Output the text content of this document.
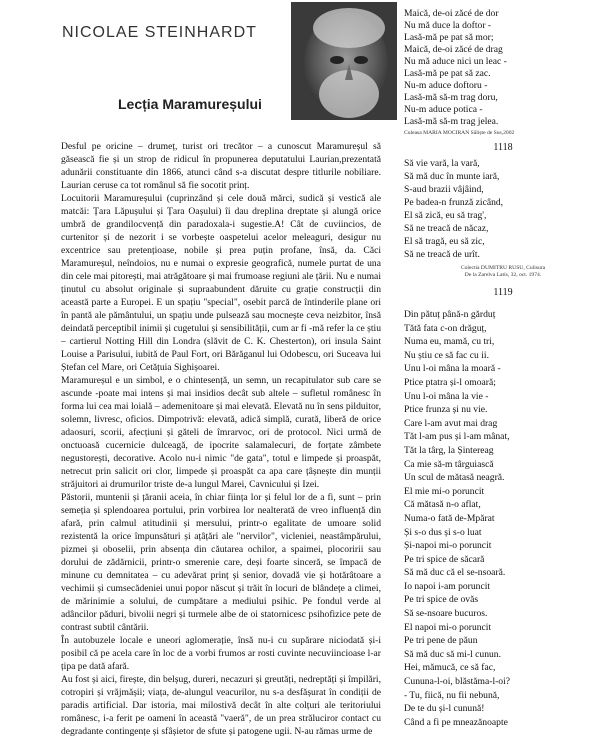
NICOLAE STEINHARDT
Lecția Maramureșului

Desful pe oricine – drumeț, turist ori trecător – a cunoscut Maramureșul să găsească fie și un strop de ridicul în propunerea deputatului Laurian,prezentată adunării constituante din 1866, atunci când s-a discutat despre titlurile nobiliare. Laurian ceruse ca tot românul să fie socotit prinț.

Locuitorii Maramureșului (cuprinzând și cele două mărci, sudică și vestică ale matcăi: Țara Lăpușului și Țara Oașului) îi dau dreplina dreptate și alungă orice umbră de grandilocvență din paradoxala-i sugestie.A! Cât de cuviincios, de curtenitor și de nezorit i se vorbește oaspetelui acelor meleaguri, desigur nu excentrice sau pretențioase, nobile și prea puțin profane, însă, da. Căci Maramureșul, neîndoios, nu e numai o expresie geografică, numele purtat de una din cele mai pitorești, mai atrăgătoare și mai frumoase regiuni ale țării. Nu e numai ținutul cu absolut originale și supraabundent dăruite cu grație construcții din această parte a Europei. E un spațiu "special", osebit parcă de întinderile plane ori în pantă ale pământului, un spațiu unde pulsează sau mocnește ceva neizbitor, însă deindată perceptibil inimii și cugetului și sensibilității, cum ar fi -mă refer la ce știu – cartierul Notting Hill din Londra (slăvit de C. K. Chesterton), ori insula Saint Louise a Parisului, iubită de Paul Fort, ori Bărăganul lui Odobescu, ori Suceava lui Ștefan cel Mare, ori Cetățuia Sighișoarei.

Maramureșul e un simbol, e o chintesență, un semn, un recapitulator sub care se ascunde -poate mai intens și mai insidios decât sub altele – sufletul românesc în forma lui cea mai loială – ademenitoare și mai elevată. Elevată nu în sens pilduitor, solemn, livresc, oficios. Dimpotrivă: elevată, adică simplă, curată, liberă de orice adaosuri, scorii, afecțiuni și găteli de îmrarvoc, ori de protocol. Nici urmă de onctuoasă cucernicie dulceagă, de ipocrite salamalecuri, de forțate zâmbete negustorești, decorative. Acolo nu-i nimic "de gata", totul e limpede și proaspăt, netrecut prin salicit ori clor, limpede și proaspăt ca apa care țâșnește din munții străjuitori ai drumurilor triste de-a lungul Marei, Cavnicului și Izei.

Păstorii, muntenii și țăranii aceia, în chiar ființa lor și felul lor de a fi, sunt – prin semeția și splendoarea portului, prin vorbirea lor nealterată de vreo influență din afară, prin calmul atitudinii și mersului, printr-o egalitate de umoare solid rezistentă la orice împunsături și ațâțări ale "nervilor", vicleniei, neastâmpărului, pizmei și oboselii, prin absența din căutarea ochilor, a spaimei, plocoririi sau dorului de zădărnicii, printr-o smerenie care, deși foarte sinceră, se împacă de minune cu demnitatea – cu adevărat prinț și senior, dovadă vie și hotărâtoare a vechimii și cumsecădeniei unui popor născut și trăit în locuri de blândețe a climei, de mărinimie a solului, de cumpătare a mediului psihic. Pe fondul verde al adâncilor păduri, bivolii negri și turmele albe de oi statornicesc psihofizice pete de contrast subtil cântării.

În autobuzele locale e uneori aglomerație, însă nu-i cu supărare niciodată și-i posibil că pe acela care în loc de a vorbi frumos ar rosti cuvinte necuviincioase l-ar țipa pe dată afară.

Au fost și aici, firește, din belșug, dureri, necazuri și greutăți, nedreptăți și împilări, cotropiri și vrăjmășii; viața, de-alungul veacurilor, nu s-a desfășurat în condiții de paradis artificial. Dar istoria, mai milostivă decât în alte colțuri ale teritoriului românesc, i-a ferit pe oameni în această "vaeră", de un prea străluciror contact cu degradante contingențe și sfâșietor de sfute și patogene ugii. N-au rămas urme de

Maică, de-oi zăcé de dor
Nu mă duce la doftor -
Lasă-mă pe pat să mor;
Maică, de-oi zăcé de drag
Nu mă aduce nici un leac -
Lasă-mă pe pat să zac.
Nu-m aduce doftoru -
Lasă-mă să-m trag doru,
Nu-m aduce potica -
Lasă-mă să-m trag jelea.

Culeasa MARIA MOCIRAN Săliște de Sus,2002

1118

Să vie vară, la vară,
Să mă duc în munte iară,
S-aud brazii vâjâind,
Pe badea-n frunză zicând,
El să zică, eu să trag',
Să ne treacă de năcaz,
El să tragă, eu să zic,
Să ne treacă de urît.

Colectia DUMITRU RUSU, Culisura
De la Zarelva Latis, 32, oct. 1974.

1119

Din pătuț până-n gărduț
Tătă fata c-on drăguț,
Numa eu, mamă, cu tri,
Nu știu ce să fac cu ii.
Unu l-oi mâna la moară -
Ptice ptatra și-l omoară;
Unu l-oi mâna la vie -
Ptice frunza și nu vie.
Care l-am avut mai drag
Tăt l-am pus și l-am mânat,
Tăt la târg, la Șintereag
Ca mie să-m târguiască
Un scul de mătasă neagră.
El mie mi-o poruncit
Că mătasă n-o aflat,
Numa-o fată de-Mpărat
Și s-o dus și s-o luat
Și-napoi mi-o poruncit
Pe tri spice de săcară
Să mă duc că el se-nsoară.
Io napoi i-am poruncit
Pe tri spice de ovăs
Să se-nsoare bucuros.
El napoi mi-o poruncit
Pe tri pene de păun
Să mă duc să mi-l cunun.
Hei, mămucă, ce să fac,
Cununa-l-oi, blăstăma-l-oi?
- Tu, fiică, nu fii nebună,
De te du și-l cunună!
Când a fi pe mneazănoapte
